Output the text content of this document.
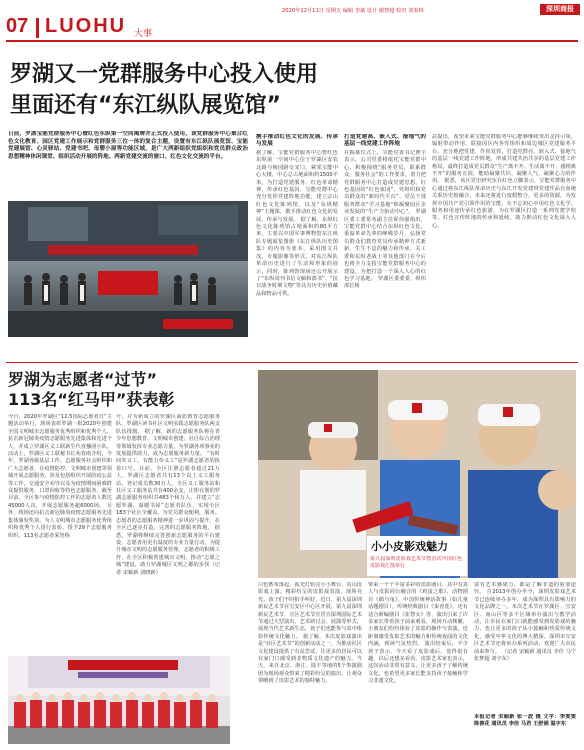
07 LUOHU 大事
2020年12月11日 星期五 编辑 李斌 设计 谢智超 校对 刘泰林	深圳商报
罗湖又一党群服务中心投入使用
里面还有“东江纵队展览馆”
日前，罗湖宝能党群服务中心暨红色东纵第一空间揭牌并正式投入使用，该党群服务中心集合红色文化教育、园区党建工作展示和党群服务三位一体的复合主题，设置有东江纵队展览馆、宝能党建展馆、心灵驿站、党建书吧、母婴小屋等功能区域，是广大两新组织党组织和党员群众政治思想精神休闲课堂、组织活动开展的阵地、两新党建交流的窗口、红色文化交流的平台。
携手推动红色文化的发展、传承与发展
据了解，宝能党群服务中心暨红色东纵第一空间中心位于罗湖区安农北路与梅园路交叉口，紧邻宝能中心大楼。中心总占地面积约1500平米，为打造党建服务、红色革命精神、传承红色基因，宝能党群中心充分发挥党建阵地功能，建立宗山红色文化陈列馆，以及“东纵精神”主题课，携手推动红色文化的发展、传承与发展。 据了解，东纵红色文化陈列馆占地面积约80平方米，主要以中国军事博物馆东江纵队专题展览图册《东江纵队历史图集》的内容为蓝本，采用图文并茂、专题影像等形式，对东江纵队革命历史进行了生动和形象的展示，同时，陈列馆现场还公开展示了“东纵周刊书信文稿和部书”、“抗日战争时期文物”等具有历史价值藏品和物品可供。
打造党建高、嵌入式、接地气的基层一线党建工作阵地
在揭幕仪式上，宝能党委书记曹宇表示，公司党委将依托宝能党群中心，积极围绕“服务党员，联系群众，服务社会”的工作要求，着力把党群服务中心打造成党建思想、红色基因的“红色家园”、党组织和党员群众的“新时代平台”、党员干部服务群众“学习基地”和凝聚园区企业发展的“生产力驱动中心”。 罗湖区委工委常务副主任霍伟强指出，宝能党群中心结合东纵红色文化，重温革命先辈的峥嵘岁月，弘扬党员群众们教育党员传承精神方式新新，生生不息的魅力和传承，关工委和东纵老战士等其他部门在今后也将全力支持宝能党群服务中心的建设，为把打造一个深入人心的红色学习基地。 罗湖区委委委，组织部长杨
武提出，希望未来宝能党群服务中心能够继续突出支持引领，辐射带动作用，联接园区内各党组织和周边城区党建服务平台，充分地把党建、作用发挥，打造党群亮、嵌入式、接地气的基层一线党建工作阵地，形成共建共治共享的基层党建工作格局，最终打造成党员群众“生产离不开、生活离不开、感情离不开”的服务宣园，能助凝聚共识、凝聚人气、凝聚心力的作用。 据悉，该区党史研究室在红色立脚表示，宝能党群服务中心通过将东江纵队革命历史与东江开发党建带党建作品有血统关系历史相融合，未来还将进行度假整合，更多的资源，为发挥中国共产党引领作用的宝能，在不忘初心中用红色文化学，服务和用途传承红色旅游，为在罗湖区打造一系列党建学校等、红色宣传阵地的传承和延续，助力推动红色文化深入人心。
罗湖为志愿者“过节”
113名“红马甲”获表彰
今日，2020年罗湖区“12·5国际志愿者日”主题活动举行，现场表彰罗湖一批2020年创建全国文明城市志愿服务优秀组织和优秀个人，抗击新冠肺炎疫情志愿服务先进集体和先进个人，并成立罗湖区义工联新生代直播团小队。 活动上，罗湖区义工联秘书长苑春雨介绍，今年，罗湖各级基层工作，志愿服务社会组织和广大志愿者，在疫情防控、文明城市创建等领域开展志愿服务，涉及包括组织开展防疫公益等工作，交通安全劝导以及为疫情期间困难群众提供服务，口罩回收等特色志愿服务，截至目前，全区参与疫情防控工作的志愿者人数达45000人次，开展志愿服务超6000场。 另外，现场还向抗击新冠肺炎疫情志愿服务先进集体颁发奖项，为人文明城市志愿服务优秀组织和优秀个人进行表彰，授予29个志愿服务组织、113名志愿者荣誉称
号，并为新成立的罗湖区面防教育志愿服务队、罗湖区读书社区文明实践志愿服务队两支队伍授旗。 据了解，新的志愿服务队将在青少年思想教育、文明城市创建、社区综合治理等领域发挥专业志愿力量，为罗湖各项事业的发展提供助力，成为志愿服务新力量。 “有时间奉义工，有能力奉义工”是罗湖志愿者的执着口号。目前，全区注册志愿者超过21万人，罗湖区志愿者共有13个以上义工服务站，登记成员数30万人，全区义工服务站和社区义工服务站共有400余支，注册在册的罗湖志愿服务组织共483个和万人，并建立“志愿罗湖，温暖书屋”志愿者队伍，实现全区183个社区全覆盖，为党员群众便利，服务。志愿者的志愿服务精神进一步巩固与提升，在全区已逐步打造，完善的志愿服务阵地。 据悉，罗湖将继续完善创新志愿服务的平台建设，志愿者用更有温度的专业力量行动，为提升城市文明的志愿服务管理，志愿者的积极工作，在全区积极帮建城市文明，推动“志愿之城”建设，助力罗湖城区文明之都的步伐（记者 宋颖新 刘晓新）
小小皮影戏魅力
第九届深圳皮影戏艺术节暨首次中国红色皮影戏汇演举行
白色蓄布落起，孤光灯轨亮小小舞台，真山皮影戏上演，精彩纷呈的皮影戏表演，现场亮光，孩子们不时拍手叫好，近日，第九届深圳新民艺术节在宝安区中心区开展。第九届深圳新民艺术节，宣区艺术节宣晋宣深圳国际艺术节通过大型演出、艺术研讨会、展演等形式，展现当代艺术新生态，孩子们也能参与其中体验传统文化魅力。 据了解，本次皮影戏演出是“社区艺术节”的创新活动之一，为推动社区文化建设提供了有益尝试，让更多的居民可以在家门口感受到非物质文化遗产的魅力。当天，来自北京、浙江、陆丰等地的5个参演剧团为现场观众带来了精彩纷呈的演出，让观众领略到了皮影艺术的独特魅力。
带来一个个丰富多彩的皮影剧目，其中有真人与皮影同台融合的《鸡蛋之歌》、动物剧目《鹤与龟》、中国传统神话故事（如儿童话题剧目），传统经典剧目《秦香莲》，还有适合新编剧目《崔智女》等，演出引来了许多家长带着孩子前来观看，现场互动频繁，小朋友们纷纷体验了皮影的操作与表演，近距离感受皮影艺术的魅力和传统戏曲的文化内涵，现场气氛热烈。 演出结束后，不少孩子表示，今天看了皮影戏后，觉得很有趣，以后还想多看看。皮影艺术家也表示，这次活动非常有意义，让更多孩子了解传统文化，也希望更多家长能支持孩子接触和学习非遗文化。
富有艺术感染力，都是了解非遗的重要途径。 自2013年创办至今，深圳皮影戏艺术节已连续举办多年，成为深圳具有影响力的文化品牌之一。本次艺术节在罗湖区、宝安区、南山区等多个区域举办演出与教学活动，让市民在家门口就能感受到皮影戏的魅力，也让更多的孩子从小接触和热爱传统文化，感受中华文化的博大精深。深圳市宝安区艺术节还将举办系列活动，欢迎广大市民前来参与。 （记者 宋颖新 通讯员 李佳 马宁 张梦超 刘宇东）
本报记者 宋颖新 张一波 摄 文字：李雯雯 陈善花 通讯员 李佳 马君 王舒娟 温宇东
